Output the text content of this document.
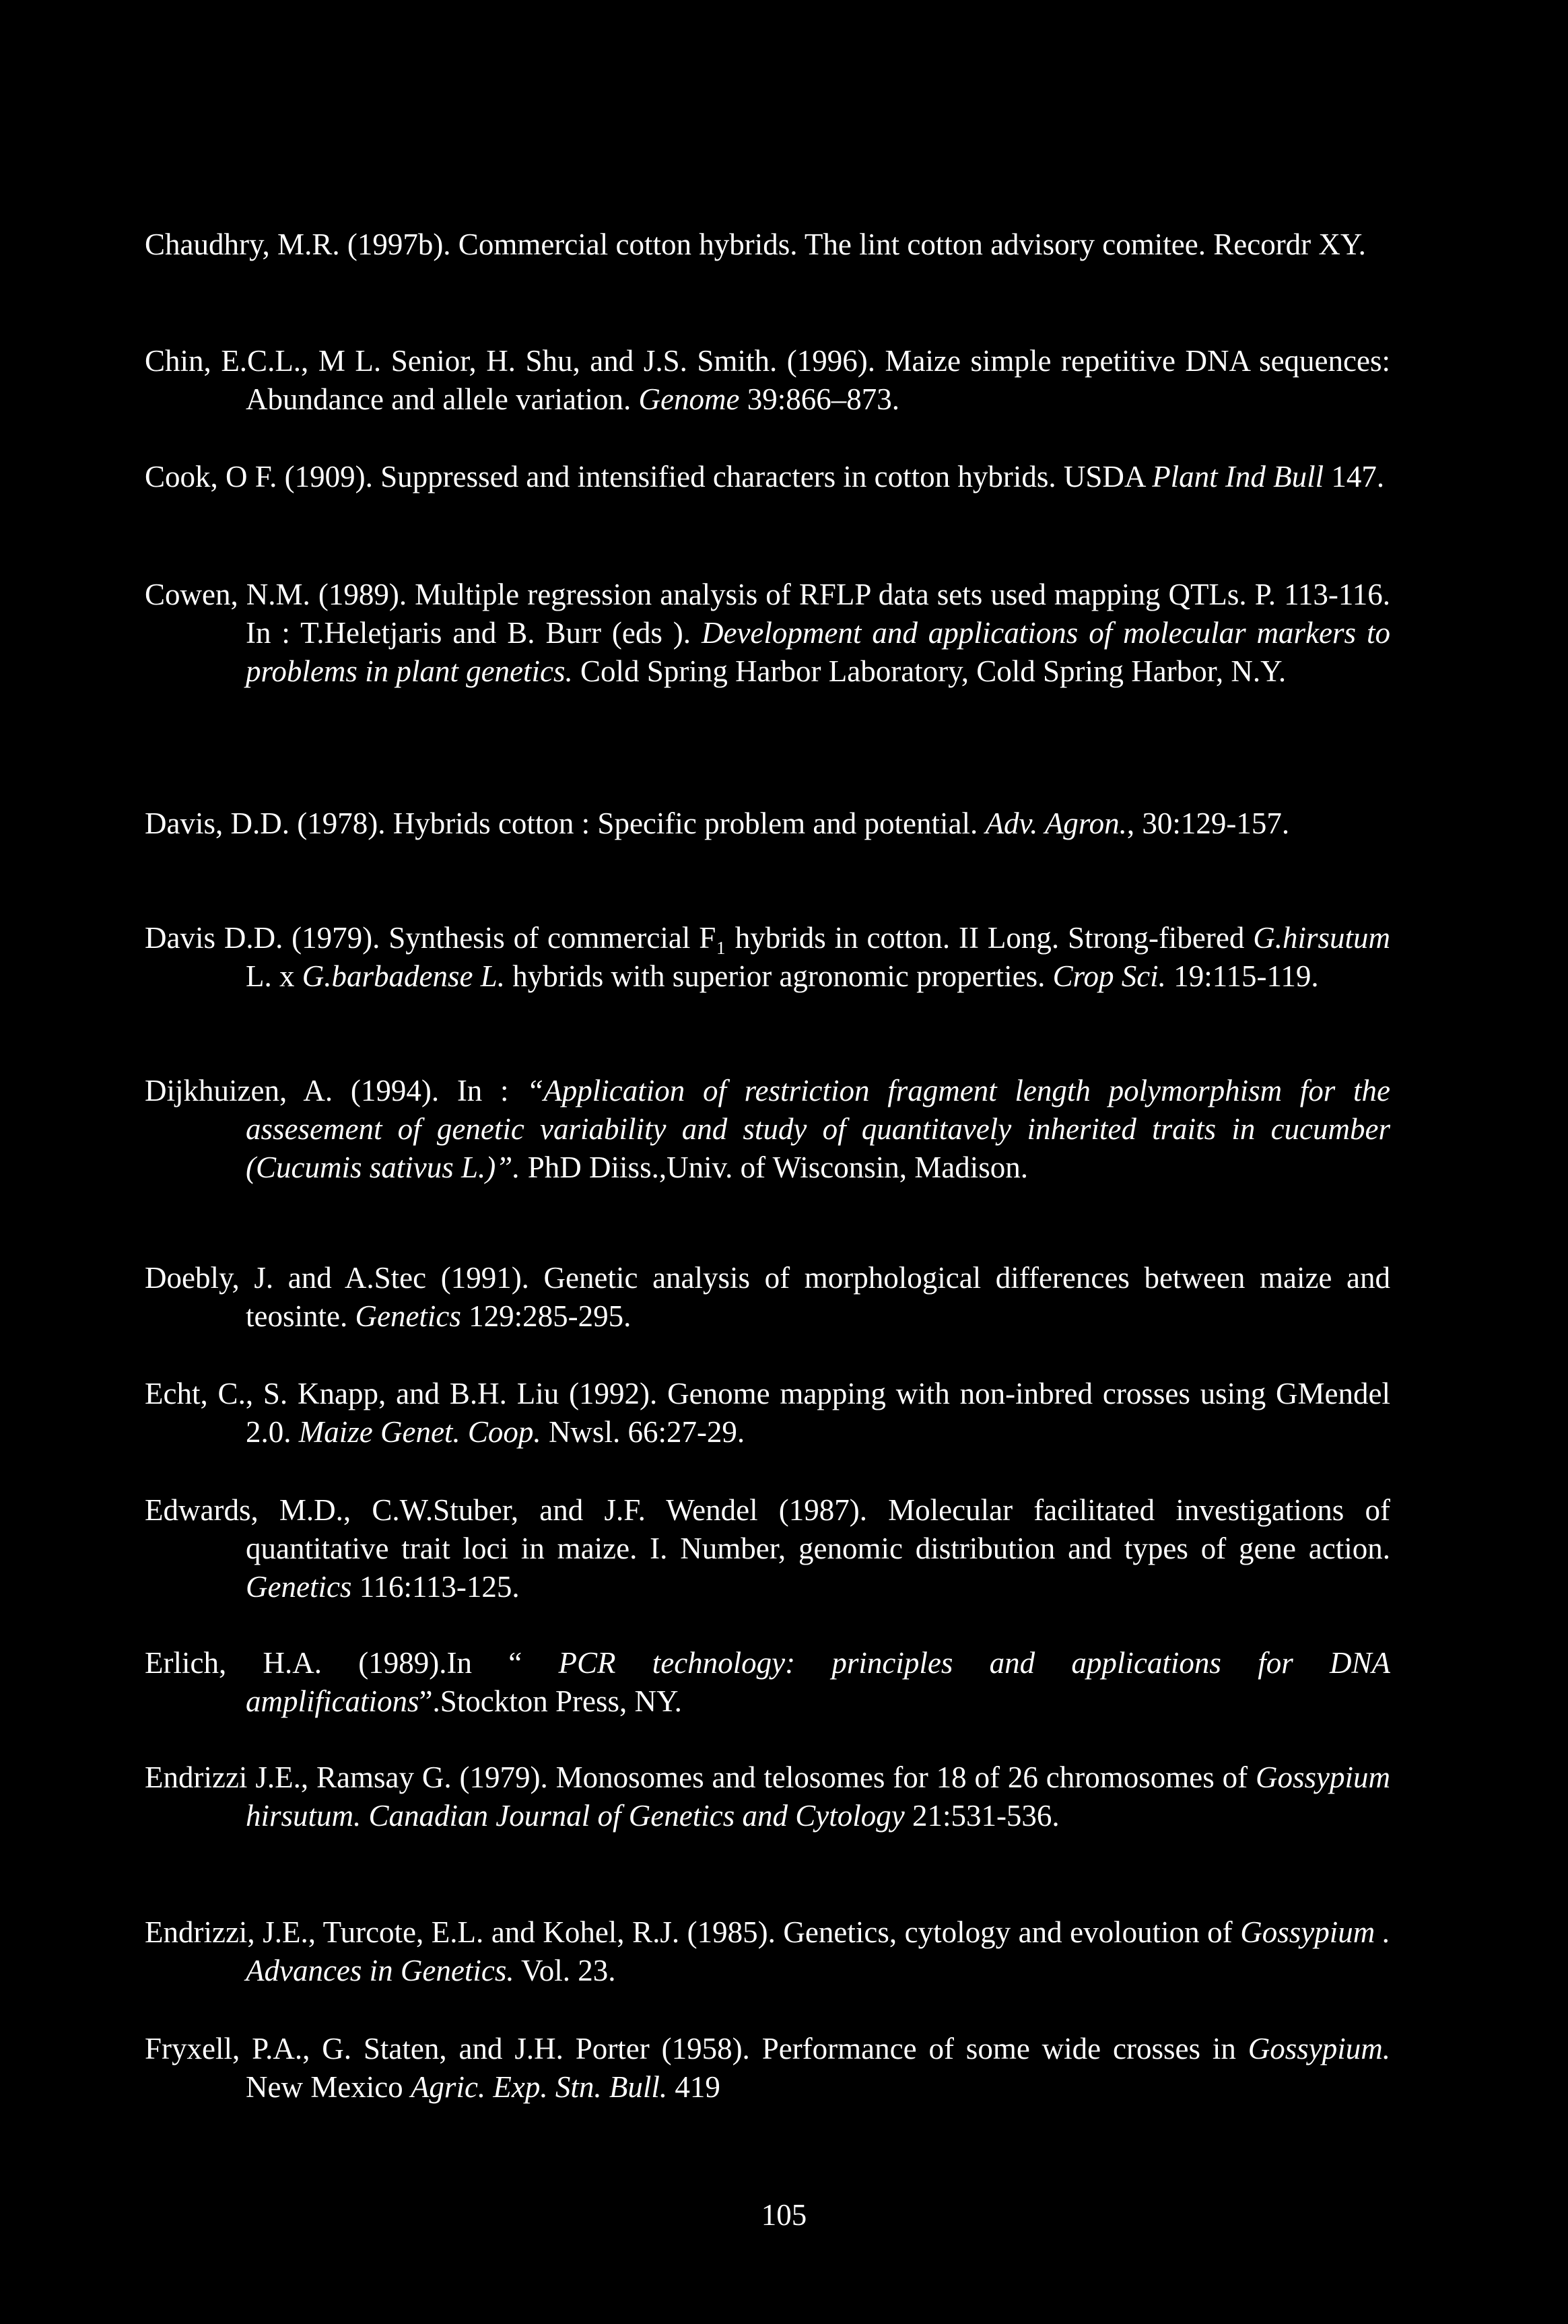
Chaudhry, M.R. (1997b). Commercial cotton hybrids. The lint cotton advisory comitee. Recordr XY.

Chin, E.C.L., M L. Senior, H. Shu, and J.S. Smith. (1996). Maize simple repetitive DNA sequences: Abundance and allele variation. Genome 39:866–873.

Cook, O F. (1909). Suppressed and intensified characters in cotton hybrids. USDA Plant Ind Bull 147.

Cowen, N.M. (1989). Multiple regression analysis of RFLP data sets used mapping QTLs. P. 113-116. In : T.Heletjaris and B. Burr (eds ). Development and applications of molecular markers to problems in plant genetics. Cold Spring Harbor Laboratory, Cold Spring Harbor, N.Y.

Davis, D.D. (1978). Hybrids cotton : Specific problem and potential. Adv. Agron., 30:129-157.

Davis D.D. (1979). Synthesis of commercial F₁ hybrids in cotton. II Long. Strong-fibered G.hirsutum L. x G.barbadense L. hybrids with superior agronomic properties. Crop Sci. 19:115-119.

Dijkhuizen, A. (1994). In : “Application of restriction fragment length polymorphism for the assesement of genetic variability and study of quantitavely inherited traits in cucumber (Cucumis sativus L.)”. PhD Diiss.,Univ. of Wisconsin, Madison.

Doebly, J. and A.Stec (1991). Genetic analysis of morphological differences between maize and teosinte. Genetics 129:285-295.

Echt, C., S. Knapp, and B.H. Liu (1992). Genome mapping with non-inbred crosses using GMendel 2.0. Maize Genet. Coop. Nwsl. 66:27-29.

Edwards, M.D., C.W.Stuber, and J.F. Wendel (1987). Molecular facilitated investigations of quantitative trait loci in maize. I. Number, genomic distribution and types of gene action. Genetics 116:113-125.

Erlich, H.A. (1989).In “ PCR technology: principles and applications for DNA amplifications”.Stockton Press, NY.

Endrizzi J.E., Ramsay G. (1979). Monosomes and telosomes for 18 of 26 chromosomes of Gossypium hirsutum. Canadian Journal of Genetics and Cytology 21:531-536.

Endrizzi, J.E., Turcote, E.L. and Kohel, R.J. (1985). Genetics, cytology and evoloution of Gossypium . Advances in Genetics. Vol. 23.

Fryxell, P.A., G. Staten, and J.H. Porter (1958). Performance of some wide crosses in Gossypium. New Mexico Agric. Exp. Stn. Bull. 419

105
